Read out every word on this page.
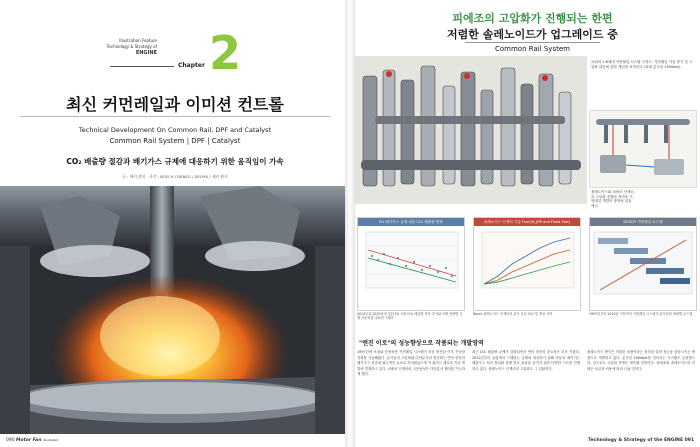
Illustration Feature
Technology & Strategy of
ENGINE
Chapter 2
최신 커먼레일과 이미션 컨트롤
Technical Development On Common Rail, DPF and Catalyst
Common Rail System | DPF | Catalyst
CO₂ 배출량 절감과 배기가스 규제에 대응하기 위한 움직임이 가속
글 : 세키 켄지 · 사진 : BOSCH / DENSO / DELPHI / 세키 켄지
090 Motor Fan illustrated
피에조의 고압화가 진행되는 한편
저렴한 솔레노이드가 업그레이드 중
Common Rail System
보쉬의 1.8세대 커먼레일 시스템 구성도. 커먼레일 가압 방식 및 고압화 대응에 관한 개념을 보여준다 (최대 분사압 2000bar)
솔레노이드와 피에조 인젝터의 고압화 경쟁과 저비용 커먼레일 개발의 방향성 실물 예시
EU 배기가스 규제 대응 CO₂ 배출량 변화
2010년과 2020년에 걸친 EU 시장 CO₂ 배출량 목표 추이와 차량 중량별 규제 기준치를 나타낸 그래프
솔레노이드 인젝터 기술 Fuel(Hi_JPB and Fixed Stat)
Bosch 솔레노이드 인젝터의 분사 특성 비교 및 개선 사양
BOSCH 커먼레일 로드맵
1997년부터 2010년 이후까지 커먼레일 시스템의 분사압과 세대별 로드맵
"엔진 이로"의 성능향상으로 작품되는 개발영역
1997년에 보쉬와 승용차용 커먼레일 시스템이 처음 양산된 이후 꾸준한 진화를 거듭해왔다. 분사압의 고압화와 다단분사의 정밀화는 연비 향상과 배기가스 저감에 필수적인 요소로 자리잡았으며 각 회사는 새로운 기술 개발에 경쟁하고 있다. 피에조 인젝터의 고응답성은 다단분사 제어를 가능하게 했다.
최근 CO₂ 배출량 규제가 강화되면서 연비 개선의 중요성은 더욱 커졌다. 2012년부터 유럽에서 시행되는 규제에 대응하기 위해 자동차 메이커는 배출가스 처리 장치와 함께 연소 효율을 높이기 위한 다양한 시도를 진행하고 있다. 솔레노이드 인젝터의 고압화도 그 일환이다.
솔레노이드 방식은 저렴한 비용이라는 장점을 살려 성능을 향상시키는 방향으로 개발되고 있다. 분사압 2000bar를 넘어서는 시스템도 등장했으며, 앞으로도 고압화 경쟁은 계속될 전망이다. 피에조와 솔레노이드의 선택은 차급과 비용에 따라 나뉠 것이다.
Technology & Strategy of the ENGINE 091
